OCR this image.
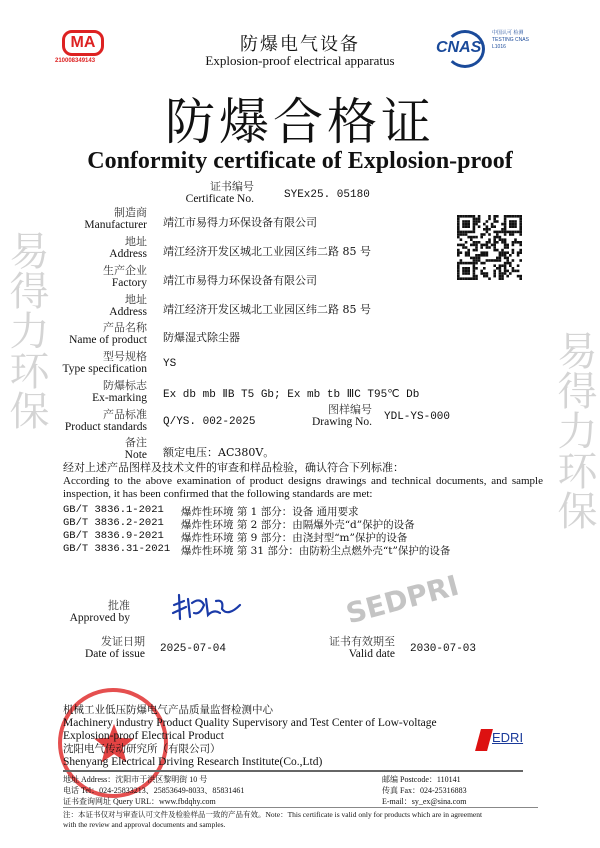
易得力环保	易得力环保
SEDPRI
MA
210008349143
防爆电气设备
Explosion-proof electrical apparatus
CNAS
中国认可 检测 TESTING CNAS L1016
防爆合格证
Conformity certificate of Explosion-proof
证书编号
Certificate No.	SYEx25. 05180
制造商
Manufacturer 靖江市易得力环保设备有限公司
地址
Address 靖江经济开发区城北工业园区纬二路 85 号
生产企业
Factory 靖江市易得力环保设备有限公司
地址
Address 靖江经济开发区城北工业园区纬二路 85 号
产品名称
Name of product 防爆湿式除尘器
型号规格
Type specification YS
防爆标志
Ex-marking Ex db mb ⅡB T5 Gb; Ex mb tb ⅢC T95℃ Db
产品标准
Product standards Q/YS. 002-2025
备注
Note 额定电压：AC380V。
图样编号
Drawing No. YDL-YS-000

经对上述产品图样及技术文件的审查和样品检验，确认符合下列标准：

According to the above examination of product designs drawings and technical documents, and sample inspection, it has been confirmed that the following standards are met:

GB/T 3836.1-2021 爆炸性环境 第 1 部分：设备 通用要求
GB/T 3836.2-2021 爆炸性环境 第 2 部分：由隔爆外壳“d”保护的设备
GB/T 3836.9-2021 爆炸性环境 第 9 部分：由浇封型“m”保护的设备
GB/T 3836.31-2021 爆炸性环境 第 31 部分：由防粉尘点燃外壳“t”保护的设备
批准
Approved by
发证日期
Date of issue 2025-07-04
证书有效期至
Valid date 2030-07-03
机械工业低压防爆电气产品质量监督检测中心
Machinery industry Product Quality Supervisory and Test Center of Low-voltage
Explosion-proof Electrical Product
沈阳电气传动研究所（有限公司）
Shenyang Electrical Driving Research Institute(Co.,Ltd)
EDRI
地址 Address：沈阳市于洪区黎明街 10 号
电话 Tel：024-25833213、25853649-8033、85831461
证书查询网址 Query URL：www.fbdqhy.com
邮编 Postcode：110141
传真 Fax：024-25316883
E-mail：sy_ex@sina.com
注：本证书仅对与审查认可文件及检验样品一致的产品有效。Note：This certificate is valid only for products which are in agreement with the review and approval documents and samples.
